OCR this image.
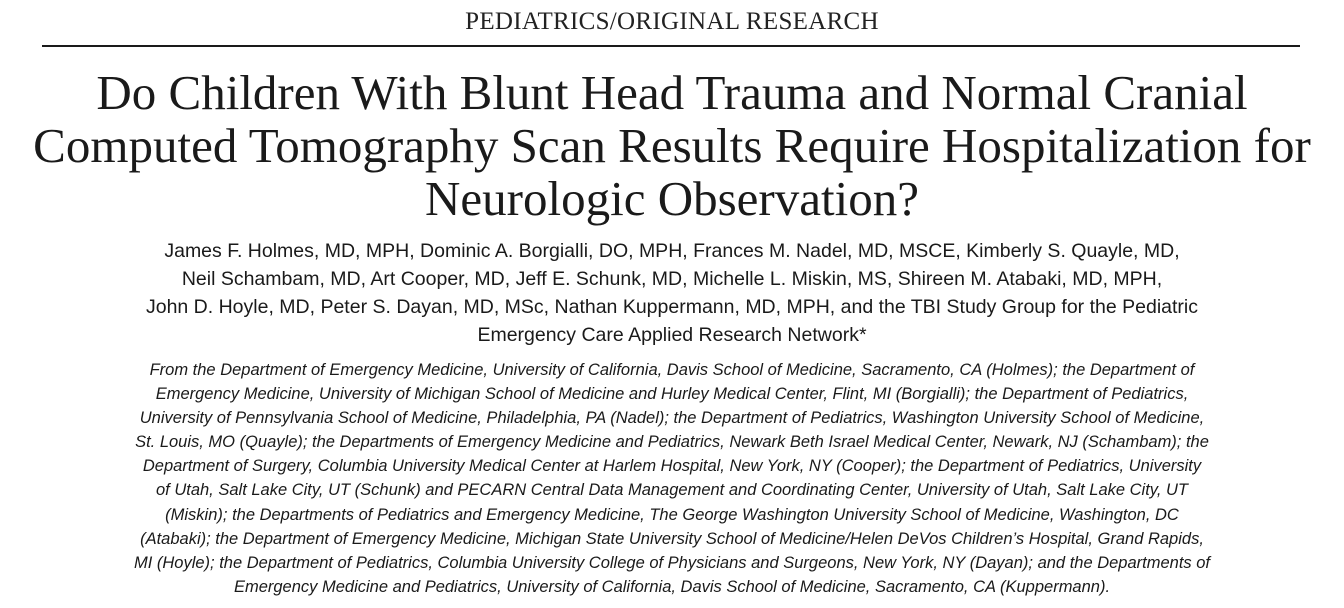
PEDIATRICS/ORIGINAL RESEARCH
Do Children With Blunt Head Trauma and Normal Cranial
Computed Tomography Scan Results Require Hospitalization for
Neurologic Observation?
James F. Holmes, MD, MPH, Dominic A. Borgialli, DO, MPH, Frances M. Nadel, MD, MSCE, Kimberly S. Quayle, MD,
Neil Schambam, MD, Art Cooper, MD, Jeff E. Schunk, MD, Michelle L. Miskin, MS, Shireen M. Atabaki, MD, MPH,
John D. Hoyle, MD, Peter S. Dayan, MD, MSc, Nathan Kuppermann, MD, MPH, and the TBI Study Group for the Pediatric
Emergency Care Applied Research Network*
From the Department of Emergency Medicine, University of California, Davis School of Medicine, Sacramento, CA (Holmes); the Department of
Emergency Medicine, University of Michigan School of Medicine and Hurley Medical Center, Flint, MI (Borgialli); the Department of Pediatrics,
University of Pennsylvania School of Medicine, Philadelphia, PA (Nadel); the Department of Pediatrics, Washington University School of Medicine,
St. Louis, MO (Quayle); the Departments of Emergency Medicine and Pediatrics, Newark Beth Israel Medical Center, Newark, NJ (Schambam); the
Department of Surgery, Columbia University Medical Center at Harlem Hospital, New York, NY (Cooper); the Department of Pediatrics, University
of Utah, Salt Lake City, UT (Schunk) and PECARN Central Data Management and Coordinating Center, University of Utah, Salt Lake City, UT
(Miskin); the Departments of Pediatrics and Emergency Medicine, The George Washington University School of Medicine, Washington, DC
(Atabaki); the Department of Emergency Medicine, Michigan State University School of Medicine/Helen DeVos Children’s Hospital, Grand Rapids,
MI (Hoyle); the Department of Pediatrics, Columbia University College of Physicians and Surgeons, New York, NY (Dayan); and the Departments of
Emergency Medicine and Pediatrics, University of California, Davis School of Medicine, Sacramento, CA (Kuppermann).
